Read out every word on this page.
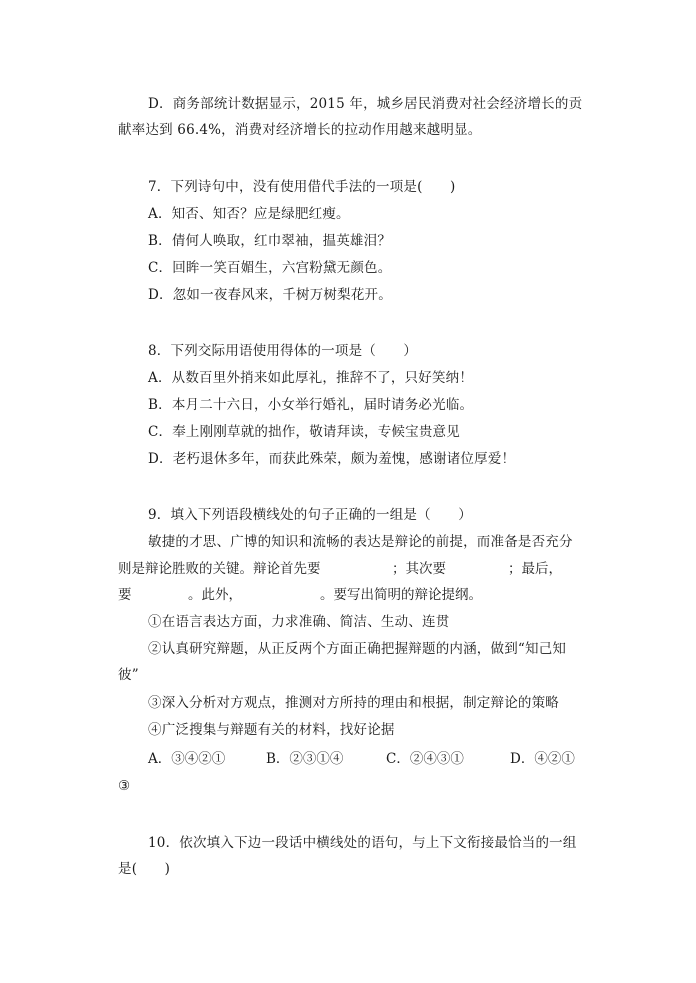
D．商务部统计数据显示，2015 年，城乡居民消费对社会经济增长的贡
献率达到 66.4%，消费对经济增长的拉动作用越来越明显。
7．下列诗句中，没有使用借代手法的一项是(　　)
A．知否、知否？应是绿肥红瘦。
B．倩何人唤取，红巾翠袖，揾英雄泪？
C．回眸一笑百媚生，六宫粉黛无颜色。
D．忽如一夜春风来，千树万树梨花开。
8．下列交际用语使用得体的一项是（　　）
A．从数百里外捎来如此厚礼，推辞不了，只好笑纳！
B．本月二十六日，小女举行婚礼，届时请务必光临。
C．奉上刚刚草就的拙作，敬请拜读，专候宝贵意见
D．老朽退休多年，而获此殊荣，颇为羞愧，感谢诸位厚爱！
9．填入下列语段横线处的句子正确的一组是（　　）
敏捷的才思、广博的知识和流畅的表达是辩论的前提，而准备是否充分
则是辩论胜败的关键。辩论首先要	；其次要	；最后，
要	。此外，	。要写出简明的辩论提纲。
①在语言表达方面，力求准确、简洁、生动、连贯
②认真研究辩题，从正反两个方面正确把握辩题的内涵，做到“知己知
彼”
③深入分析对方观点，推测对方所持的理由和根据，制定辩论的策略
④广泛搜集与辩题有关的材料，找好论据
A．③④②①	B．②③①④	C．②④③①	D．④②①
③
10．依次填入下边一段话中横线处的语句，与上下文衔接最恰当的一组
是(　　)
